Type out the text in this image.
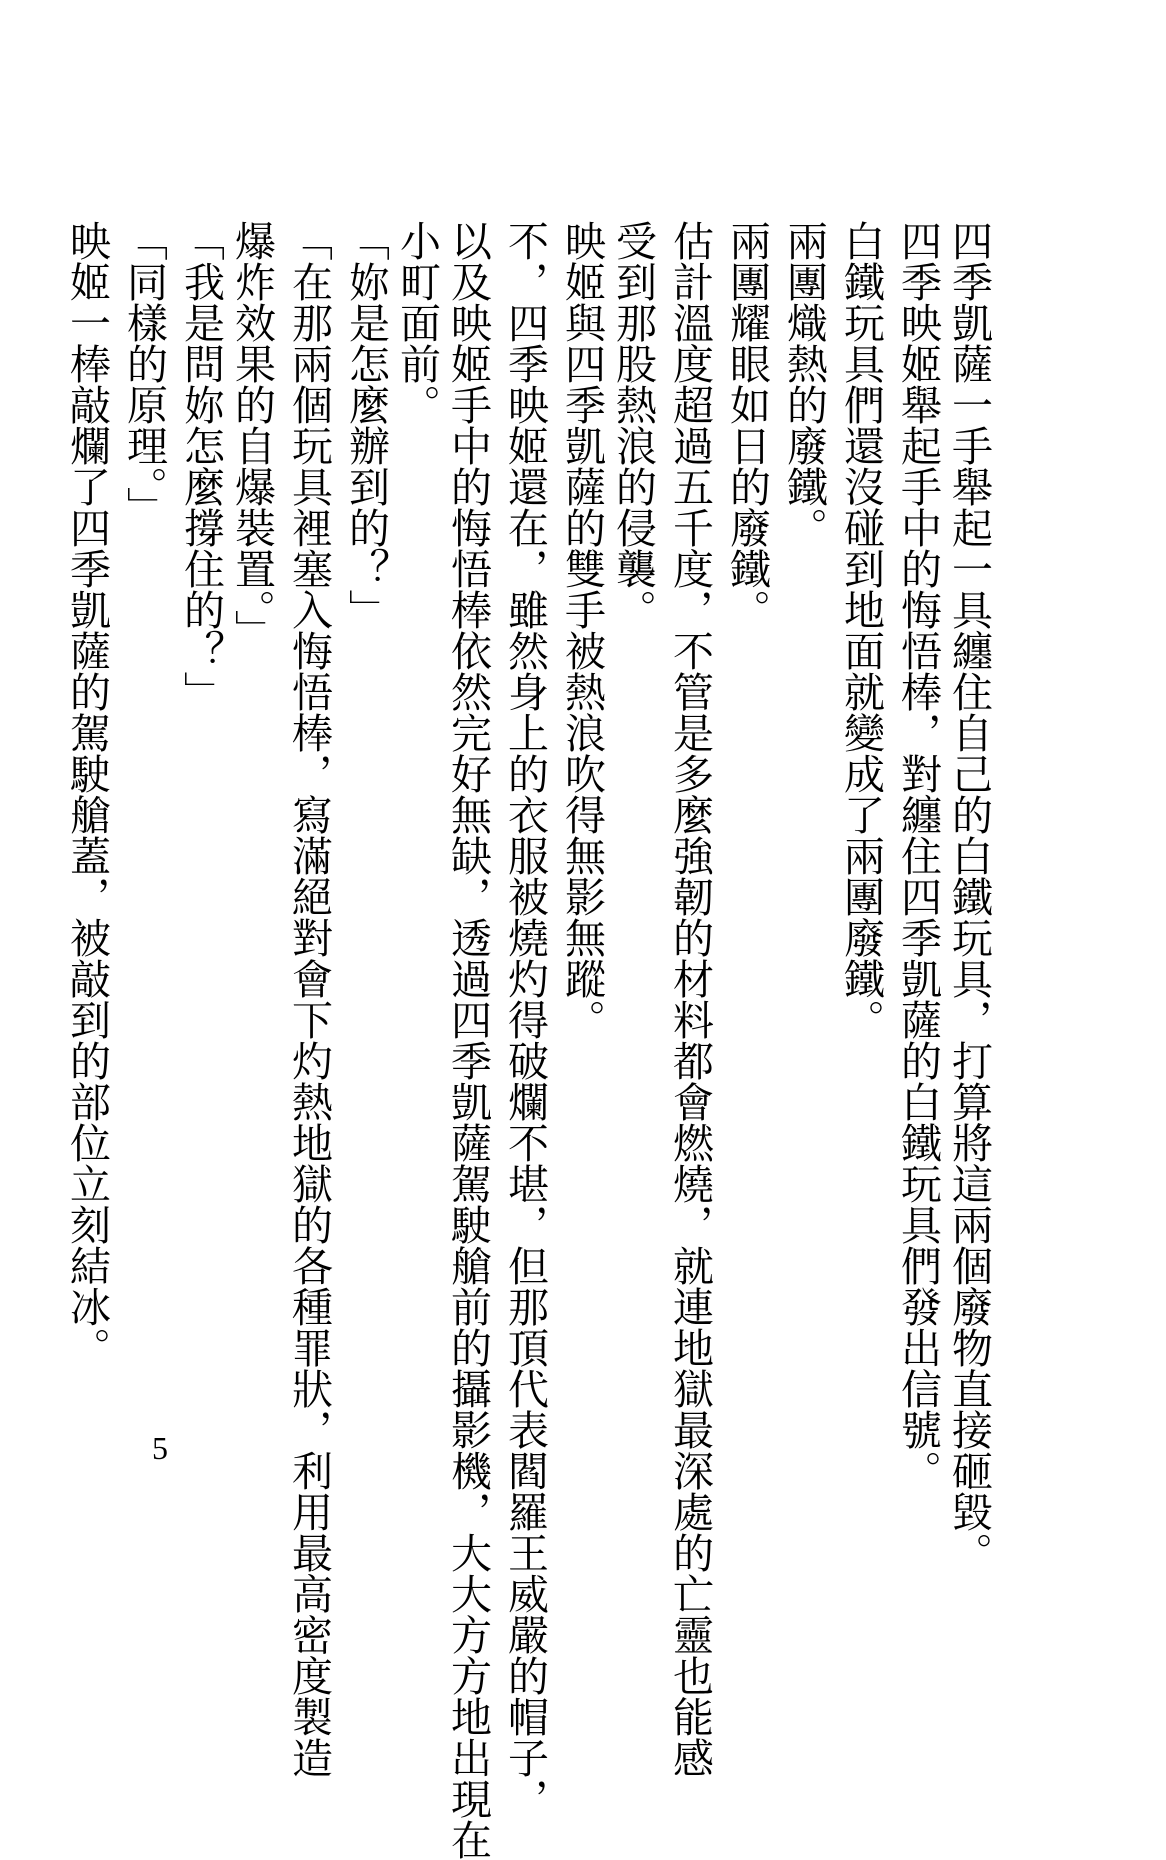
四季凱薩一手舉起一具纏住自己的白鐵玩具，打算將這兩個廢物直接砸毀。

四季映姬舉起手中的悔悟棒，對纏住四季凱薩的白鐵玩具們發出信號。

白鐵玩具們還沒碰到地面就變成了兩團廢鐵。

兩團熾熱的廢鐵。

兩團耀眼如日的廢鐵。

估計溫度超過五千度，不管是多麼強韌的材料都會燃燒，就連地獄最深處的亡靈也能感

受到那股熱浪的侵襲。

映姬與四季凱薩的雙手被熱浪吹得無影無蹤。

不，四季映姬還在，雖然身上的衣服被燒灼得破爛不堪，但那頂代表閻羅王威嚴的帽子，

以及映姬手中的悔悟棒依然完好無缺，透過四季凱薩駕駛艙前的攝影機，大大方方地出現在

小町面前。

「妳是怎麼辦到的？」

「在那兩個玩具裡塞入悔悟棒，寫滿絕對會下灼熱地獄的各種罪狀，利用最高密度製造

爆炸效果的自爆裝置。」

「我是問妳怎麼撐住的？」

「同樣的原理。」

映姬一棒敲爛了四季凱薩的駕駛艙蓋，被敲到的部位立刻結冰。

5
